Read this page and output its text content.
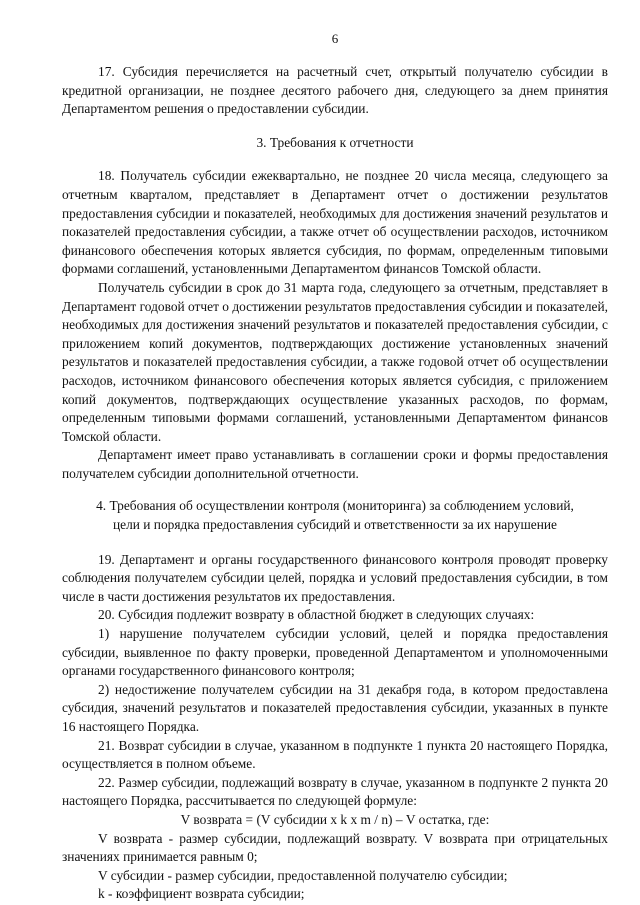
6

17. Субсидия перечисляется на расчетный счет, открытый получателю субсидии в кредитной организации, не позднее десятого рабочего дня, следующего за днем принятия Департаментом решения о предоставлении субсидии.

3. Требования к отчетности

18. Получатель субсидии ежеквартально, не позднее 20 числа месяца, следующего за отчетным кварталом, представляет в Департамент отчет о достижении результатов предоставления субсидии и показателей, необходимых для достижения значений результатов и показателей предоставления субсидии, а также отчет об осуществлении расходов, источником финансового обеспечения которых является субсидия, по формам, определенным типовыми формами соглашений, установленными Департаментом финансов Томской области.

Получатель субсидии в срок до 31 марта года, следующего за отчетным, представляет в Департамент годовой отчет о достижении результатов предоставления субсидии и показателей, необходимых для достижения значений результатов и показателей предоставления субсидии, с приложением копий документов, подтверждающих достижение установленных значений результатов и показателей предоставления субсидии, а также годовой отчет об осуществлении расходов, источником финансового обеспечения которых является субсидия, с приложением копий документов, подтверждающих осуществление указанных расходов, по формам, определенным типовыми формами соглашений, установленными Департаментом финансов Томской области.

Департамент имеет право устанавливать в соглашении сроки и формы предоставления получателем субсидии дополнительной отчетности.

4. Требования об осуществлении контроля (мониторинга) за соблюдением условий,

цели и порядка предоставления субсидий и ответственности за их нарушение

19. Департамент и органы государственного финансового контроля проводят проверку соблюдения получателем субсидии целей, порядка и условий предоставления субсидии, в том числе в части достижения результатов их предоставления.

20. Субсидия подлежит возврату в областной бюджет в следующих случаях:

1) нарушение получателем субсидии условий, целей и порядка предоставления субсидии, выявленное по факту проверки, проведенной Департаментом и уполномоченными органами государственного финансового контроля;

2) недостижение получателем субсидии на 31 декабря года, в котором предоставлена субсидия, значений результатов и показателей предоставления субсидии, указанных в пункте 16 настоящего Порядка.

21. Возврат субсидии в случае, указанном в подпункте 1 пункта 20 настоящего Порядка, осуществляется в полном объеме.

22. Размер субсидии, подлежащий возврату в случае, указанном в подпункте 2 пункта 20 настоящего Порядка, рассчитывается по следующей формуле:

V возврата = (V субсидии x k x m / n) – V остатка, где:

V возврата - размер субсидии, подлежащий возврату. V возврата при отрицательных значениях принимается равным 0;

V субсидии - размер субсидии, предоставленной получателю субсидии;

k - коэффициент возврата субсидии;
